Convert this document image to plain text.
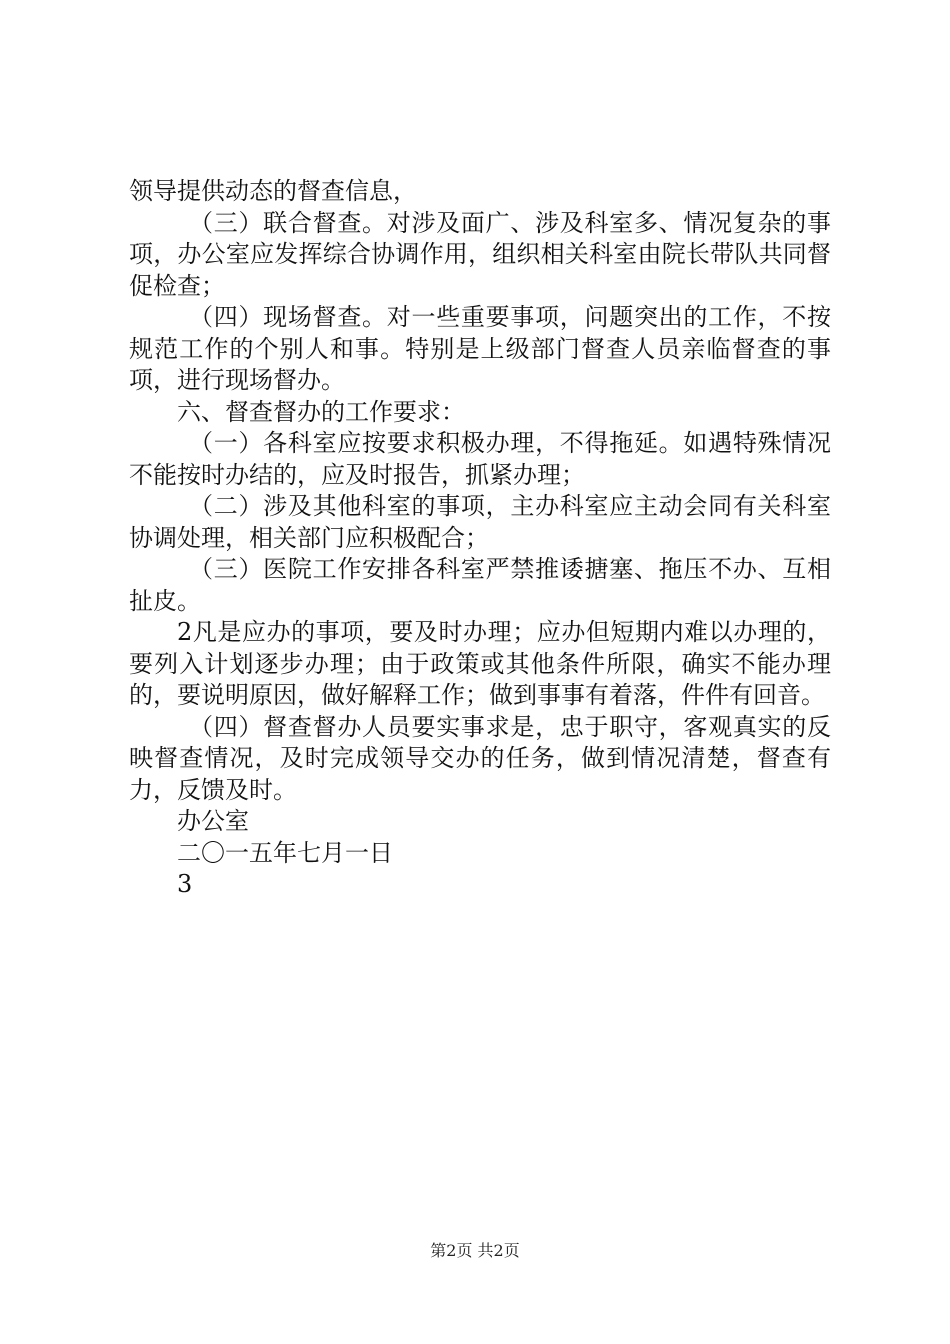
领导提供动态的督查信息，

（三）联合督查。对涉及面广、涉及科室多、情况复杂的事项，办公室应发挥综合协调作用，组织相关科室由院长带队共同督促检查；

（四）现场督查。对一些重要事项，问题突出的工作，不按规范工作的个别人和事。特别是上级部门督查人员亲临督查的事项，进行现场督办。

六、督查督办的工作要求：

（一）各科室应按要求积极办理，不得拖延。如遇特殊情况不能按时办结的，应及时报告，抓紧办理；

（二）涉及其他科室的事项，主办科室应主动会同有关科室协调处理，相关部门应积极配合；

（三）医院工作安排各科室严禁推诿搪塞、拖压不办、互相扯皮。

2凡是应办的事项，要及时办理；应办但短期内难以办理的，要列入计划逐步办理；由于政策或其他条件所限，确实不能办理的，要说明原因，做好解释工作；做到事事有着落，件件有回音。

（四）督查督办人员要实事求是，忠于职守，客观真实的反映督查情况，及时完成领导交办的任务，做到情况清楚，督查有力，反馈及时。

办公室

二〇一五年七月一日

3

第2页 共2页
